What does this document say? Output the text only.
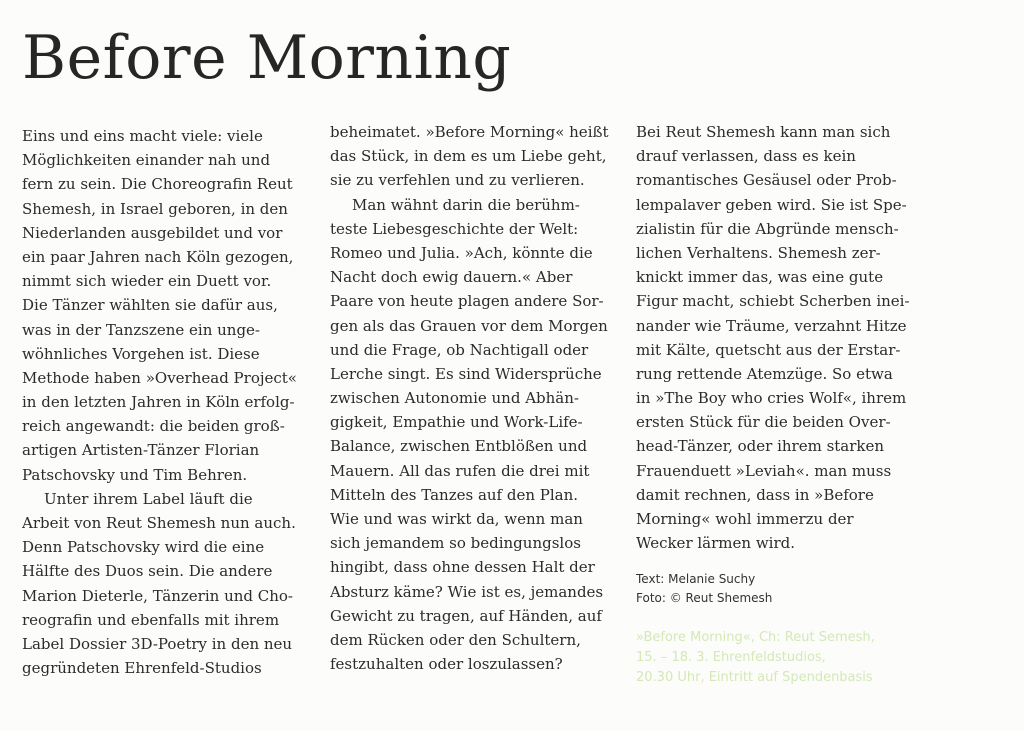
Before Morning
Eins und eins macht viele: viele
Möglichkeiten einander nah und
fern zu sein. Die Choreografin Reut
Shemesh, in Israel geboren, in den
Niederlanden ausgebildet und vor
ein paar Jahren nach Köln gezogen,
nimmt sich wieder ein Duett vor.
Die Tänzer wählten sie dafür aus,
was in der Tanzszene ein unge-
wöhnliches Vorgehen ist. Diese
Methode haben »Overhead Project«
in den letzten Jahren in Köln erfolg-
reich angewandt: die beiden groß-
artigen Artisten-Tänzer Florian
Patschovsky und Tim Behren.
Unter ihrem Label läuft die
Arbeit von Reut Shemesh nun auch.
Denn Patschovsky wird die eine
Hälfte des Duos sein. Die andere
Marion Dieterle, Tänzerin und Cho-
reografin und ebenfalls mit ihrem
Label Dossier 3D-Poetry in den neu
gegründeten Ehrenfeld-Studios
beheimatet. »Before Morning« heißt
das Stück, in dem es um Liebe geht,
sie zu verfehlen und zu verlieren.
Man wähnt darin die berühm-
teste Liebesgeschichte der Welt:
Romeo und Julia. »Ach, könnte die
Nacht doch ewig dauern.« Aber
Paare von heute plagen andere Sor-
gen als das Grauen vor dem Morgen
und die Frage, ob Nachtigall oder
Lerche singt. Es sind Widersprüche
zwischen Autonomie und Abhän-
gigkeit, Empathie und Work-Life-
Balance, zwischen Entblößen und
Mauern. All das rufen die drei mit
Mitteln des Tanzes auf den Plan.
Wie und was wirkt da, wenn man
sich jemandem so bedingungslos
hingibt, dass ohne dessen Halt der
Absturz käme? Wie ist es, jemandes
Gewicht zu tragen, auf Händen, auf
dem Rücken oder den Schultern,
festzuhalten oder loszulassen?
Bei Reut Shemesh kann man sich
drauf verlassen, dass es kein
romantisches Gesäusel oder Prob-
lempalaver geben wird. Sie ist Spe-
zialistin für die Abgründe mensch-
lichen Verhaltens. Shemesh zer-
knickt immer das, was eine gute
Figur macht, schiebt Scherben inei-
nander wie Träume, verzahnt Hitze
mit Kälte, quetscht aus der Erstar-
rung rettende Atemzüge. So etwa
in »The Boy who cries Wolf«, ihrem
ersten Stück für die beiden Over-
head-Tänzer, oder ihrem starken
Frauenduett »Leviah«. man muss
damit rechnen, dass in »Before
Morning« wohl immerzu der
Wecker lärmen wird.
Text: Melanie Suchy
Foto: © Reut Shemesh
»Before Morning«, Ch: Reut Semesh,
15. – 18. 3. Ehrenfeldstudios,
20.30 Uhr, Eintritt auf Spendenbasis
